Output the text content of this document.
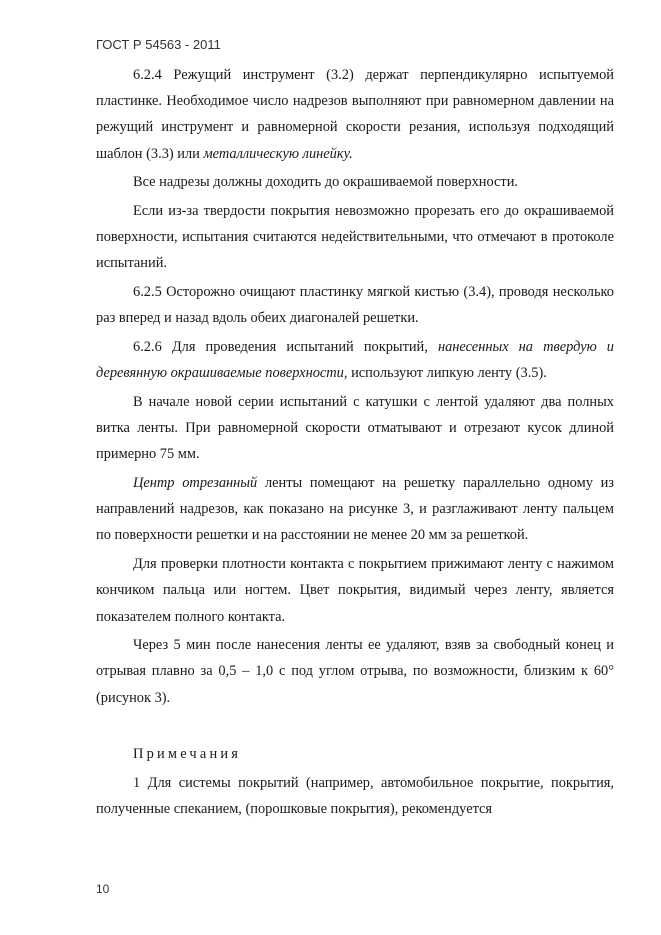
ГОСТ Р 54563 - 2011

6.2.4 Режущий инструмент (3.2) держат перпендикулярно испытуемой пластинке. Необходимое число надрезов выполняют при равномерном давлении на режущий инструмент и равномерной скорости резания, используя подходящий шаблон (3.3) или металлическую линейку.

Все надрезы должны доходить до окрашиваемой поверхности.

Если из-за твердости покрытия невозможно прорезать его до окрашиваемой поверхности, испытания считаются недействительными, что отмечают в протоколе испытаний.

6.2.5 Осторожно очищают пластинку мягкой кистью (3.4), проводя несколько раз вперед и назад вдоль обеих диагоналей решетки.

6.2.6 Для проведения испытаний покрытий, нанесенных на твердую и деревянную окрашиваемые поверхности, используют липкую ленту (3.5).

В начале новой серии испытаний с катушки с лентой удаляют два полных витка ленты. При равномерной скорости отматывают и отрезают кусок длиной примерно 75 мм.

Центр отрезанный ленты помещают на решетку параллельно одному из направлений надрезов, как показано на рисунке 3, и разглаживают ленту пальцем по поверхности решетки и на расстоянии не менее 20 мм за решеткой.

Для проверки плотности контакта с покрытием прижимают ленту с нажимом кончиком пальца или ногтем. Цвет покрытия, видимый через ленту, является показателем полного контакта.

Через 5 мин после нанесения ленты ее удаляют, взяв за свободный конец и отрывая плавно за 0,5 – 1,0 с под углом отрыва, по возможности, близким к 60° (рисунок 3).

Примечания

1 Для системы покрытий (например, автомобильное покрытие, покрытия, полученные спеканием, (порошковые покрытия), рекомендуется

10
